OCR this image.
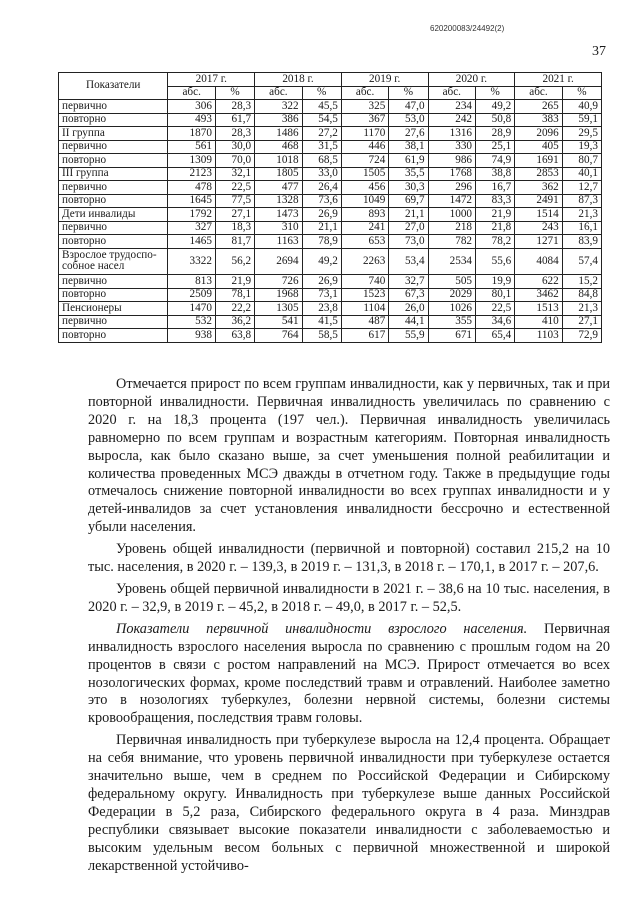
620200083/24492(2)
37
Показатели	2017 г.		2018 г.		2019 г.		2020 г.		2021 г.	
	абс.	%	абс.	%	абс.	%	абс.	%	абс.	%
первично	306	28,3	322	45,5	325	47,0	234	49,2	265	40,9
повторно	493	61,7	386	54,5	367	53,0	242	50,8	383	59,1
II группа	1870	28,3	1486	27,2	1170	27,6	1316	28,9	2096	29,5
первично	561	30,0	468	31,5	446	38,1	330	25,1	405	19,3
повторно	1309	70,0	1018	68,5	724	61,9	986	74,9	1691	80,7
III группа	2123	32,1	1805	33,0	1505	35,5	1768	38,8	2853	40,1
первично	478	22,5	477	26,4	456	30,3	296	16,7	362	12,7
повторно	1645	77,5	1328	73,6	1049	69,7	1472	83,3	2491	87,3
Дети инвалиды	1792	27,1	1473	26,9	893	21,1	1000	21,9	1514	21,3
первично	327	18,3	310	21,1	241	27,0	218	21,8	243	16,1
повторно	1465	81,7	1163	78,9	653	73,0	782	78,2	1271	83,9
Взрослое трудоспо-собное насел	3322	56,2	2694	49,2	2263	53,4	2534	55,6	4084	57,4
первично	813	21,9	726	26,9	740	32,7	505	19,9	622	15,2
повторно	2509	78,1	1968	73,1	1523	67,3	2029	80,1	3462	84,8
Пенсионеры	1470	22,2	1305	23,8	1104	26,0	1026	22,5	1513	21,3
первично	532	36,2	541	41,5	487	44,1	355	34,6	410	27,1
повторно	938	63,8	764	58,5	617	55,9	671	65,4	1103	72,9

Отмечается прирост по всем группам инвалидности, как у первичных, так и при повторной инвалидности. Первичная инвалидность увеличилась по сравнению с 2020 г. на 18,3 процента (197 чел.). Первичная инвалидность увеличилась равномерно по всем группам и возрастным категориям. Повторная инвалидность выросла, как было сказано выше, за счет уменьшения полной реабилитации и количества проведенных МСЭ дважды в отчетном году. Также в предыдущие годы отмечалось снижение повторной инвалидности во всех группах инвалидности и у детей-инвалидов за счет установления инвалидности бессрочно и естественной убыли населения.

Уровень общей инвалидности (первичной и повторной) составил 215,2 на 10 тыс. населения, в 2020 г. – 139,3, в 2019 г. – 131,3, в 2018 г. – 170,1, в 2017 г. – 207,6.

Уровень общей первичной инвалидности в 2021 г. – 38,6 на 10 тыс. населения, в 2020 г. – 32,9, в 2019 г. – 45,2, в 2018 г. – 49,0, в 2017 г. – 52,5.

Показатели первичной инвалидности взрослого населения. Первичная инвалидность взрослого населения выросла по сравнению с прошлым годом на 20 процентов в связи с ростом направлений на МСЭ. Прирост отмечается во всех нозологических формах, кроме последствий травм и отравлений. Наиболее заметно это в нозологиях туберкулез, болезни нервной системы, болезни системы кровообращения, последствия травм головы.

Первичная инвалидность при туберкулезе выросла на 12,4 процента. Обращает на себя внимание, что уровень первичной инвалидности при туберкулезе остается значительно выше, чем в среднем по Российской Федерации и Сибирскому федеральному округу. Инвалидность при туберкулезе выше данных Российской Федерации в 5,2 раза, Сибирского федерального округа в 4 раза. Минздрав республики связывает высокие показатели инвалидности с заболеваемостью и высоким удельным весом больных с первичной множественной и широкой лекарственной устойчиво-
